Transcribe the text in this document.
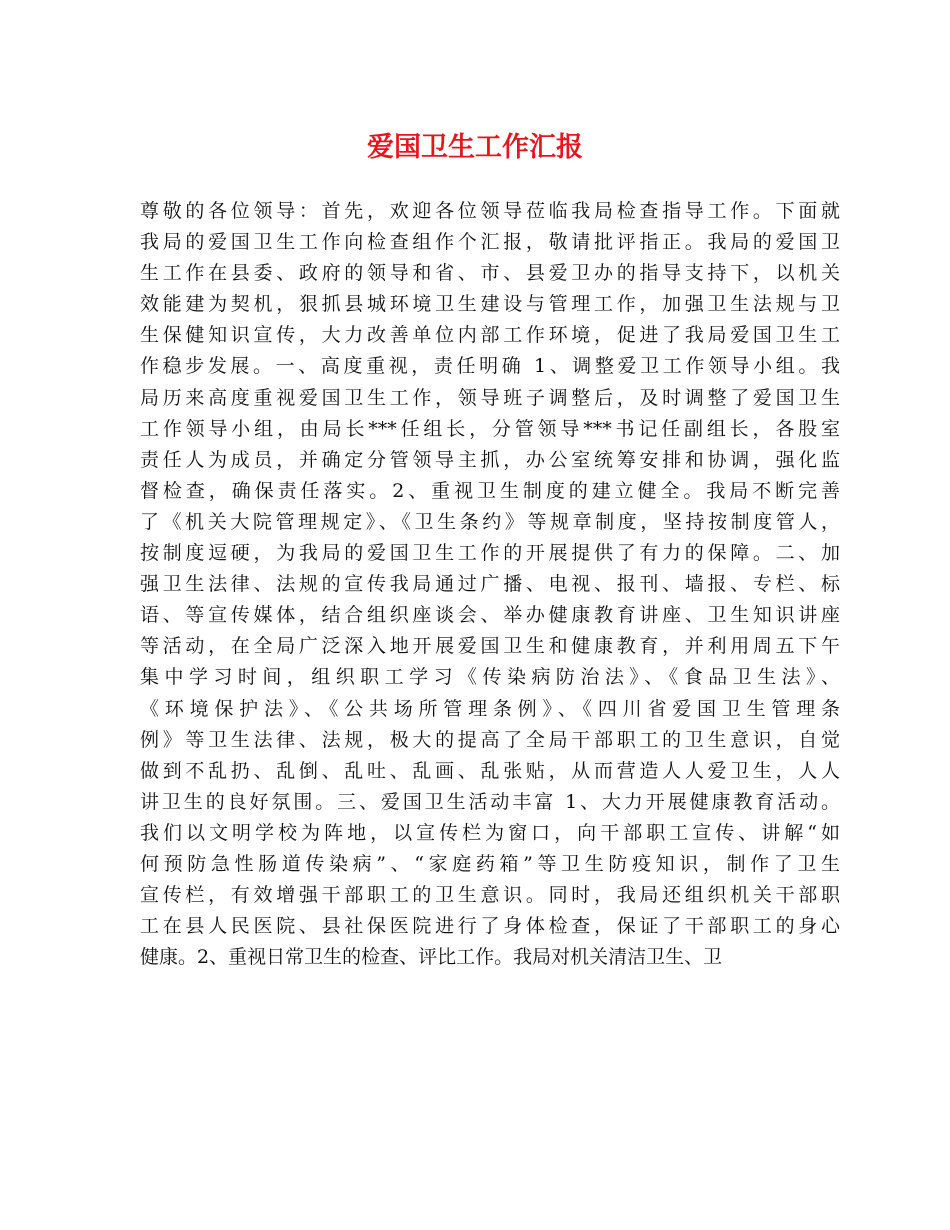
爱国卫生工作汇报
尊敬的各位领导：首先，欢迎各位领导莅临我局检查指导工作。下面就
我局的爱国卫生工作向检查组作个汇报，敬请批评指正。我局的爱国卫
生工作在县委、政府的领导和省、市、县爱卫办的指导支持下，以机关
效能建为契机，狠抓县城环境卫生建设与管理工作，加强卫生法规与卫
生保健知识宣传，大力改善单位内部工作环境，促进了我局爱国卫生工
作稳步发展。一、高度重视，责任明确 1、调整爱卫工作领导小组。我
局历来高度重视爱国卫生工作，领导班子调整后，及时调整了爱国卫生
工作领导小组，由局长***任组长，分管领导***书记任副组长，各股室
责任人为成员，并确定分管领导主抓，办公室统筹安排和协调，强化监
督检查，确保责任落实。2、重视卫生制度的建立健全。我局不断完善
了《机关大院管理规定》、《卫生条约》等规章制度，坚持按制度管人，
按制度逗硬，为我局的爱国卫生工作的开展提供了有力的保障。二、加
强卫生法律、法规的宣传我局通过广播、电视、报刊、墙报、专栏、标
语、等宣传媒体，结合组织座谈会、举办健康教育讲座、卫生知识讲座
等活动，在全局广泛深入地开展爱国卫生和健康教育，并利用周五下午
集中学习时间，组织职工学习《传染病防治法》、《食品卫生法》、
《环境保护法》、《公共场所管理条例》、《四川省爱国卫生管理条
例》等卫生法律、法规，极大的提高了全局干部职工的卫生意识，自觉
做到不乱扔、乱倒、乱吐、乱画、乱张贴，从而营造人人爱卫生，人人
讲卫生的良好氛围。三、爱国卫生活动丰富 1、大力开展健康教育活动。
我们以文明学校为阵地，以宣传栏为窗口，向干部职工宣传、讲解“如
何预防急性肠道传染病”、“家庭药箱”等卫生防疫知识，制作了卫生
宣传栏，有效增强干部职工的卫生意识。同时，我局还组织机关干部职
工在县人民医院、县社保医院进行了身体检查，保证了干部职工的身心
健康。2、重视日常卫生的检查、评比工作。我局对机关清洁卫生、卫
